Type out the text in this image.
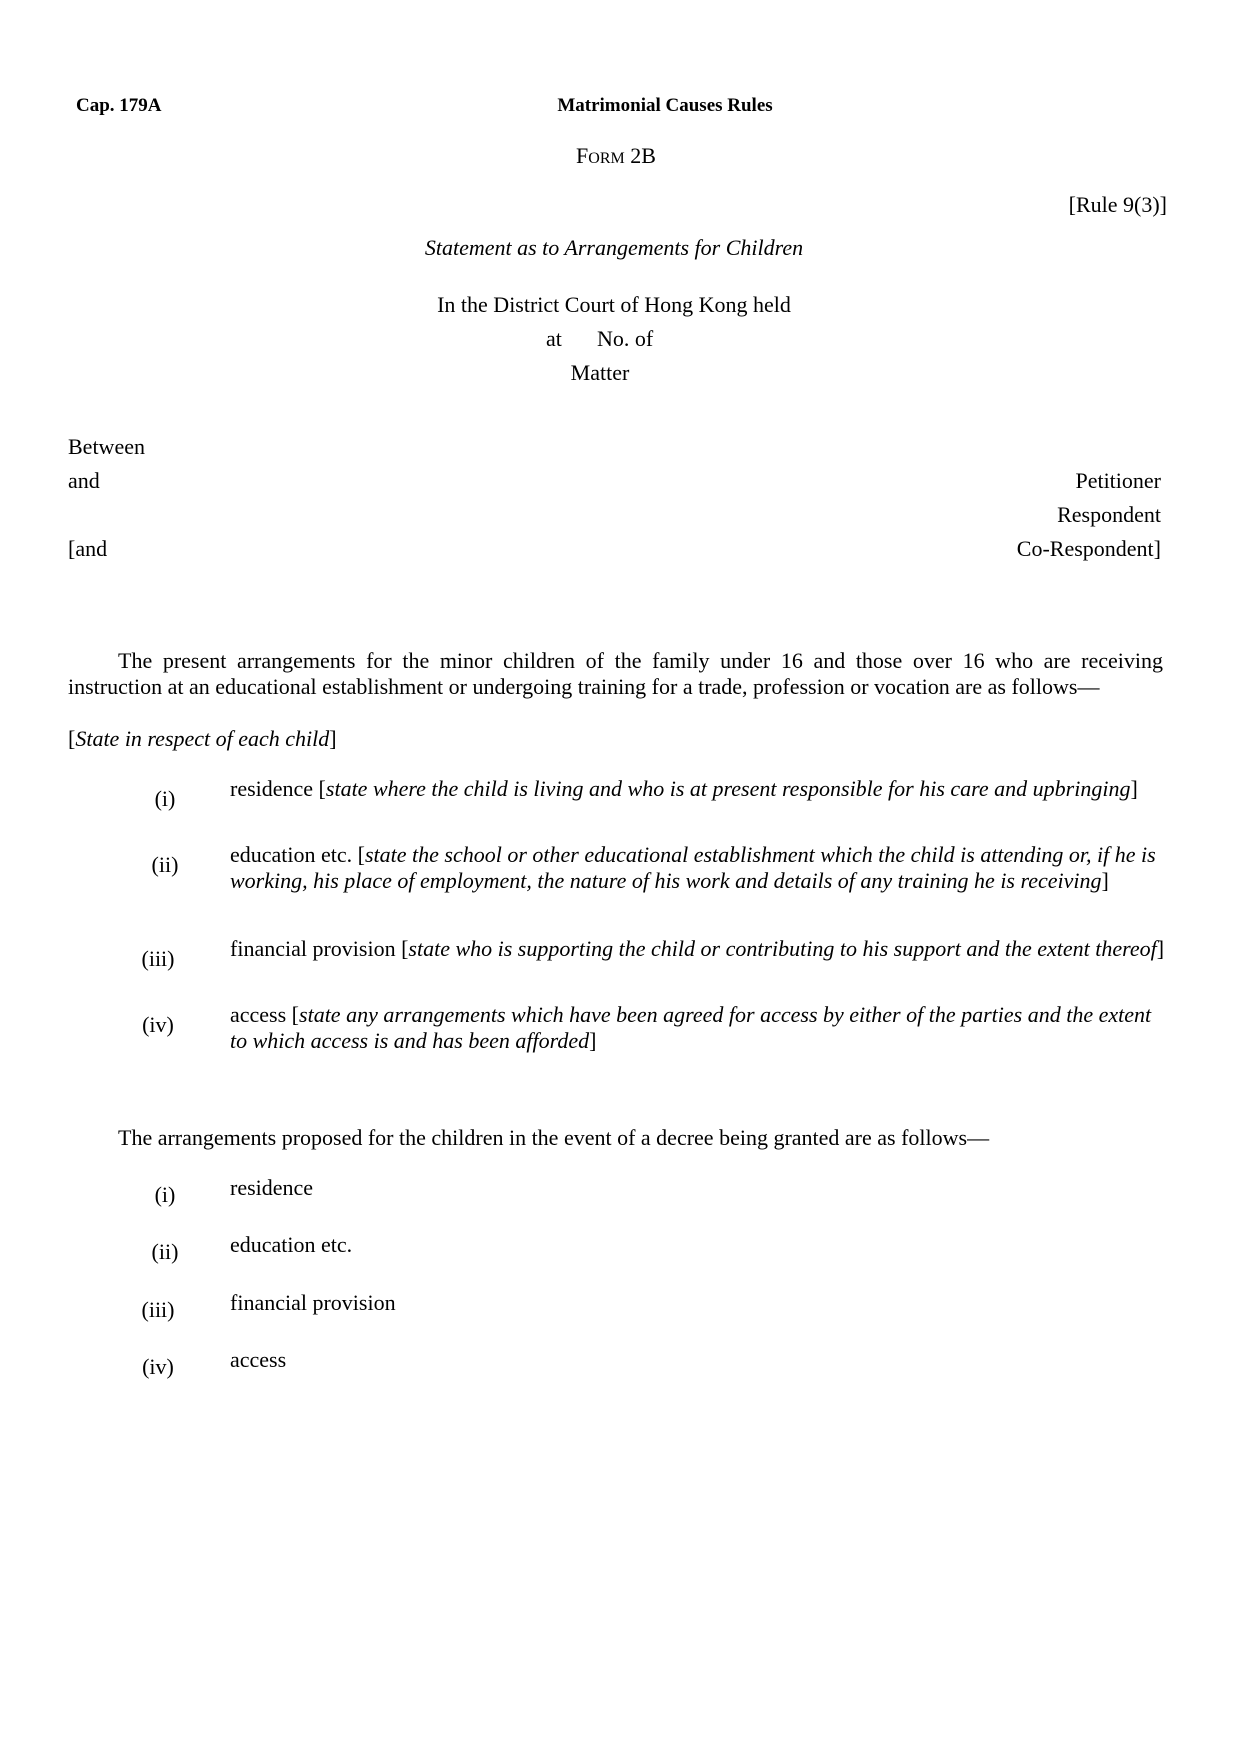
Cap. 179A	Matrimonial Causes Rules
FORM 2B
[Rule 9(3)]
Statement as to Arrangements for Children
In the District Court of Hong Kong held
at No. of
Matter
Between
and
[and
Petitioner
Respondent
Co-Respondent]
The present arrangements for the minor children of the family under 16 and those over 16 who are receiving instruction at an educational establishment or undergoing training for a trade, profession or vocation are as follows—
[State in respect of each child]
(i)	residence [state where the child is living and who is at present responsible for his care and upbringing]
(ii)	education etc. [state the school or other educational establishment which the child is attending or, if he is working, his place of employment, the nature of his work and details of any training he is receiving]
(iii)	financial provision [state who is supporting the child or contributing to his support and the extent thereof]
(iv)	access [state any arrangements which have been agreed for access by either of the parties and the extent to which access is and has been afforded]
The arrangements proposed for the children in the event of a decree being granted are as follows—
(i)	residence
(ii)	education etc.
(iii)	financial provision
(iv)	access
